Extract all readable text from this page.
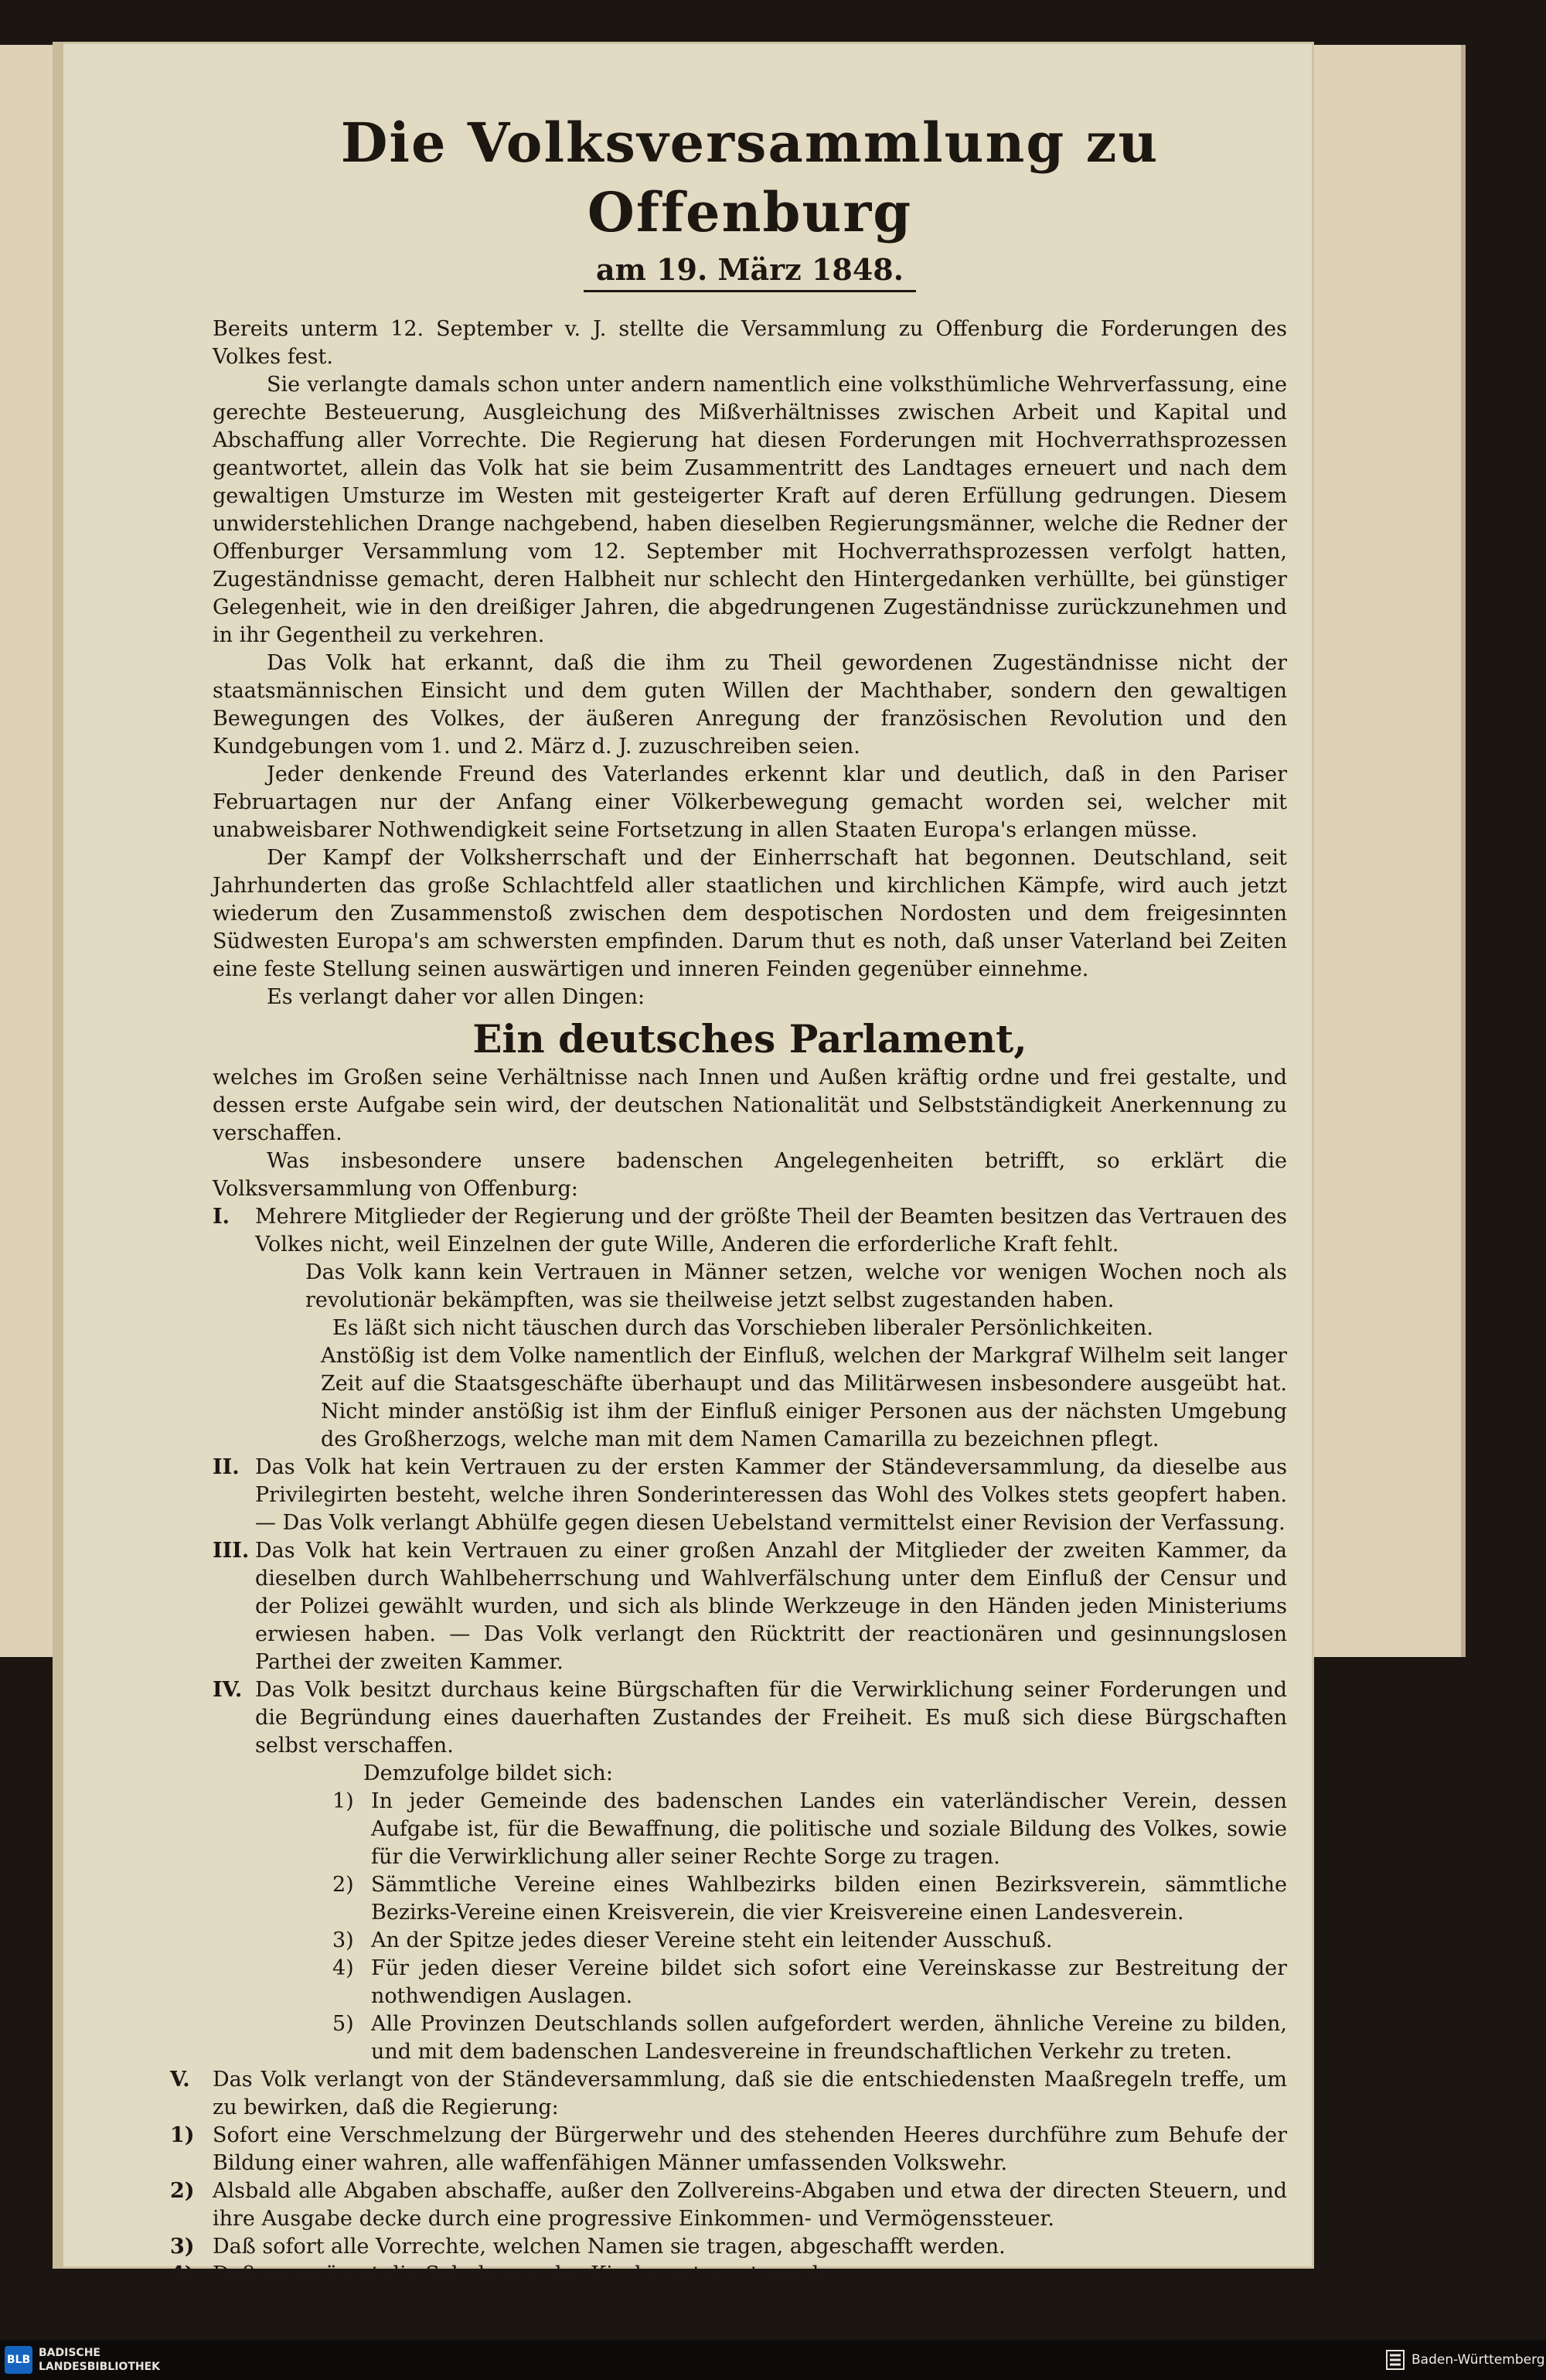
Die Volksversammlung zu Offenburg
am 19. März 1848.

Bereits unterm 12. September v. J. stellte die Versammlung zu Offenburg die Forderungen des Volkes fest.

Sie verlangte damals schon unter andern namentlich eine volksthümliche Wehrverfassung, eine gerechte Besteuerung, Ausgleichung des Mißverhältnisses zwischen Arbeit und Kapital und Abschaffung aller Vorrechte. Die Regierung hat diesen Forderungen mit Hochverrathsprozessen geantwortet, allein das Volk hat sie beim Zusammentritt des Landtages erneuert und nach dem gewaltigen Umsturze im Westen mit gesteigerter Kraft auf deren Erfüllung gedrungen. Diesem unwiderstehlichen Drange nachgebend, haben dieselben Regierungsmänner, welche die Redner der Offenburger Versammlung vom 12. September mit Hochverrathsprozessen verfolgt hatten, Zugeständnisse gemacht, deren Halbheit nur schlecht den Hintergedanken verhüllte, bei günstiger Gelegenheit, wie in den dreißiger Jahren, die abgedrungenen Zugeständnisse zurückzunehmen und in ihr Gegentheil zu verkehren.

Das Volk hat erkannt, daß die ihm zu Theil gewordenen Zugeständnisse nicht der staatsmännischen Einsicht und dem guten Willen der Machthaber, sondern den gewaltigen Bewegungen des Volkes, der äußeren Anregung der französischen Revolution und den Kundgebungen vom 1. und 2. März d. J. zuzuschreiben seien.

Jeder denkende Freund des Vaterlandes erkennt klar und deutlich, daß in den Pariser Februartagen nur der Anfang einer Völkerbewegung gemacht worden sei, welcher mit unabweisbarer Nothwendigkeit seine Fortsetzung in allen Staaten Europa's erlangen müsse.

Der Kampf der Volksherrschaft und der Einherrschaft hat begonnen. Deutschland, seit Jahrhunderten das große Schlachtfeld aller staatlichen und kirchlichen Kämpfe, wird auch jetzt wiederum den Zusammenstoß zwischen dem despotischen Nordosten und dem freigesinnten Südwesten Europa's am schwersten empfinden. Darum thut es noth, daß unser Vaterland bei Zeiten eine feste Stellung seinen auswärtigen und inneren Feinden gegenüber einnehme.

Es verlangt daher vor allen Dingen:

Ein deutsches Parlament,

welches im Großen seine Verhältnisse nach Innen und Außen kräftig ordne und frei gestalte, und dessen erste Aufgabe sein wird, der deutschen Nationalität und Selbstständigkeit Anerkennung zu verschaffen.

Was insbesondere unsere badenschen Angelegenheiten betrifft, so erklärt die Volksversammlung von Offenburg:

I.	Mehrere Mitglieder der Regierung und der größte Theil der Beamten besitzen das Vertrauen des Volkes nicht, weil Einzelnen der gute Wille, Anderen die erforderliche Kraft fehlt.

Das Volk kann kein Vertrauen in Männer setzen, welche vor wenigen Wochen noch als revolutionär bekämpften, was sie theilweise jetzt selbst zugestanden haben.

Es läßt sich nicht täuschen durch das Vorschieben liberaler Persönlichkeiten.

Anstößig ist dem Volke namentlich der Einfluß, welchen der Markgraf Wilhelm seit langer Zeit auf die Staatsgeschäfte überhaupt und das Militärwesen insbesondere ausgeübt hat. Nicht minder anstößig ist ihm der Einfluß einiger Personen aus der nächsten Umgebung des Großherzogs, welche man mit dem Namen Camarilla zu bezeichnen pflegt.

II. Das Volk hat kein Vertrauen zu der ersten Kammer der Ständeversammlung, da dieselbe aus Privilegirten besteht, welche ihren Sonderinteressen das Wohl des Volkes stets geopfert haben. — Das Volk verlangt Abhülfe gegen diesen Uebelstand vermittelst einer Revision der Verfassung.
III. Das Volk hat kein Vertrauen zu einer großen Anzahl der Mitglieder der zweiten Kammer, da dieselben durch Wahlbeherrschung und Wahlverfälschung unter dem Einfluß der Censur und der Polizei gewählt wurden, und sich als blinde Werkzeuge in den Händen jeden Ministeriums erwiesen haben. — Das Volk verlangt den Rücktritt der reactionären und gesinnungslosen Parthei der zweiten Kammer.
IV. Das Volk besitzt durchaus keine Bürgschaften für die Verwirklichung seiner Forderungen und die Begründung eines dauerhaften Zustandes der Freiheit. Es muß sich diese Bürgschaften selbst verschaffen.

Demzufolge bildet sich:

1) In jeder Gemeinde des badenschen Landes ein vaterländischer Verein, dessen Aufgabe ist, für die Bewaffnung, die politische und soziale Bildung des Volkes, sowie für die Verwirklichung aller seiner Rechte Sorge zu tragen.
2) Sämmtliche Vereine eines Wahlbezirks bilden einen Bezirksverein, sämmtliche Bezirks-Vereine einen Kreisverein, die vier Kreisvereine einen Landesverein.
3) An der Spitze jedes dieser Vereine steht ein leitender Ausschuß.
4) Für jeden dieser Vereine bildet sich sofort eine Vereinskasse zur Bestreitung der nothwendigen Auslagen.
5) Alle Provinzen Deutschlands sollen aufgefordert werden, ähnliche Vereine zu bilden, und mit dem badenschen Landesvereine in freundschaftlichen Verkehr zu treten.
V.	Das Volk verlangt von der Ständeversammlung, daß sie die entschiedensten Maaßregeln treffe, um zu bewirken, daß die Regierung:
1) Sofort eine Verschmelzung der Bürgerwehr und des stehenden Heeres durchführe zum Behufe der Bildung einer wahren, alle waffenfähigen Männer umfassenden Volkswehr.
2) Alsbald alle Abgaben abschaffe, außer den Zollvereins-Abgaben und etwa der directen Steuern, und ihre Ausgabe decke durch eine progressive Einkommen- und Vermögenssteuer.
3) Daß sofort alle Vorrechte, welchen Namen sie tragen, abgeschafft werden.
4) Daß ungesäumt die Schule von der Kirche getrennt werde.
BLB
BADISCHE
LANDESBIBLIOTHEK	Baden-Württemberg
